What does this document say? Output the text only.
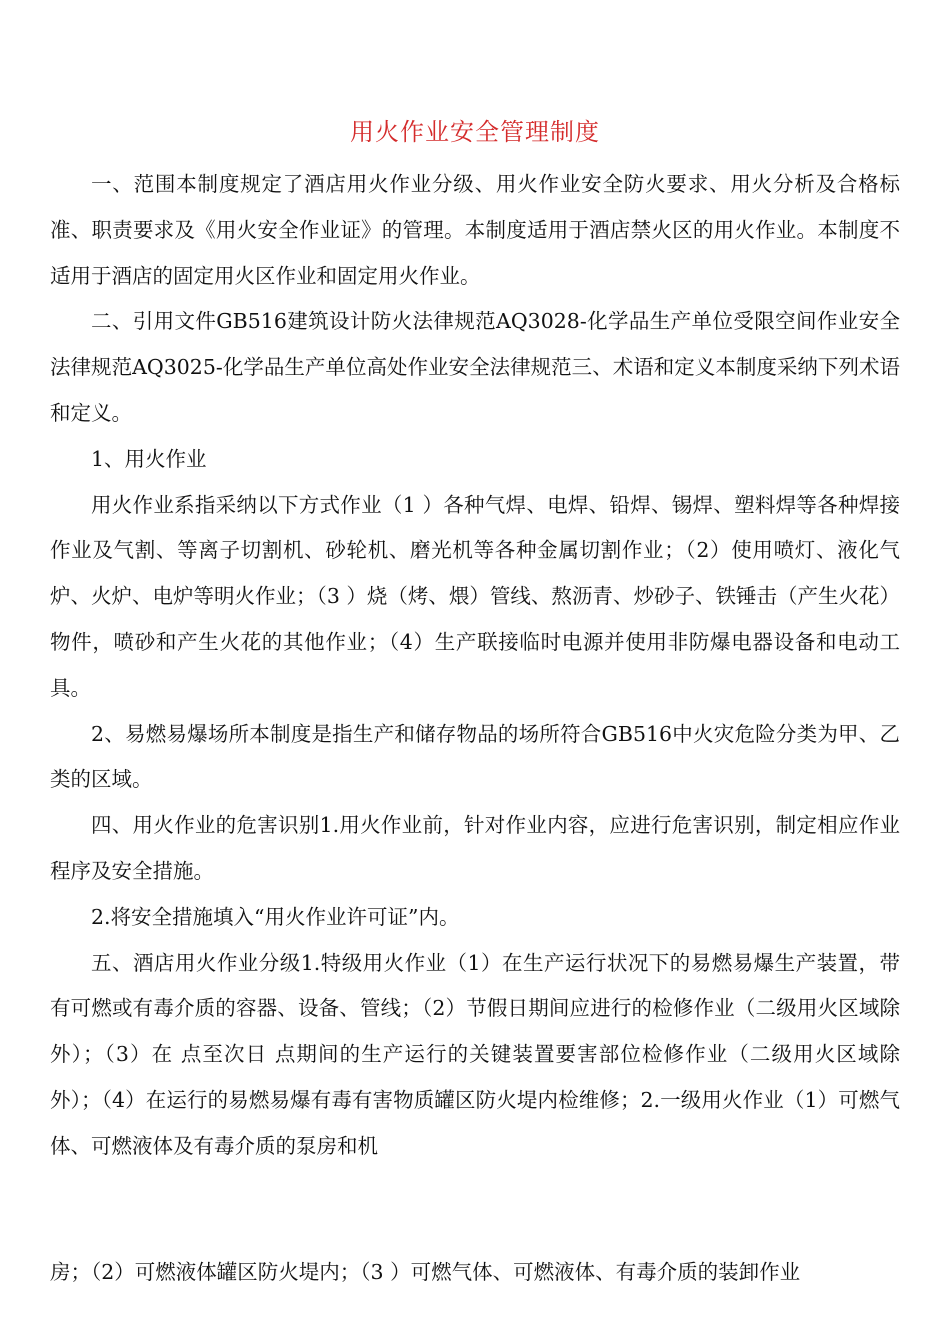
用火作业安全管理制度

一、范围本制度规定了酒店用火作业分级、用火作业安全防火要求、用火分析及合格标准、职责要求及《用火安全作业证》的管理。本制度适用于酒店禁火区的用火作业。本制度不适用于酒店的固定用火区作业和固定用火作业。

二、引用文件GB516建筑设计防火法律规范AQ3028-化学品生产单位受限空间作业安全法律规范AQ3025-化学品生产单位高处作业安全法律规范三、术语和定义本制度采纳下列术语和定义。

1、用火作业

用火作业系指采纳以下方式作业（1 ）各种气焊、电焊、铅焊、锡焊、塑料焊等各种焊接作业及气割、等离子切割机、砂轮机、磨光机等各种金属切割作业；（2）使用喷灯、液化气炉、火炉、电炉等明火作业；（3 ）烧（烤、煨）管线、熬沥青、炒砂子、铁锤击（产生火花）物件，喷砂和产生火花的其他作业；（4）生产联接临时电源并使用非防爆电器设备和电动工具。

2、易燃易爆场所本制度是指生产和储存物品的场所符合GB516中火灾危险分类为甲、乙类的区域。

四、用火作业的危害识别1.用火作业前，针对作业内容，应进行危害识别，制定相应作业程序及安全措施。

2.将安全措施填入“用火作业许可证”内。

五、酒店用火作业分级1.特级用火作业（1）在生产运行状况下的易燃易爆生产装置，带有可燃或有毒介质的容器、设备、管线；（2）节假日期间应进行的检修作业（二级用火区域除外）；（3）在 点至次日 点期间的生产运行的关键装置要害部位检修作业（二级用火区域除外）；（4）在运行的易燃易爆有毒有害物质罐区防火堤内检维修；2.一级用火作业（1）可燃气体、可燃液体及有毒介质的泵房和机

房；（2）可燃液体罐区防火堤内；（3 ）可燃气体、可燃液体、有毒介质的装卸作业
